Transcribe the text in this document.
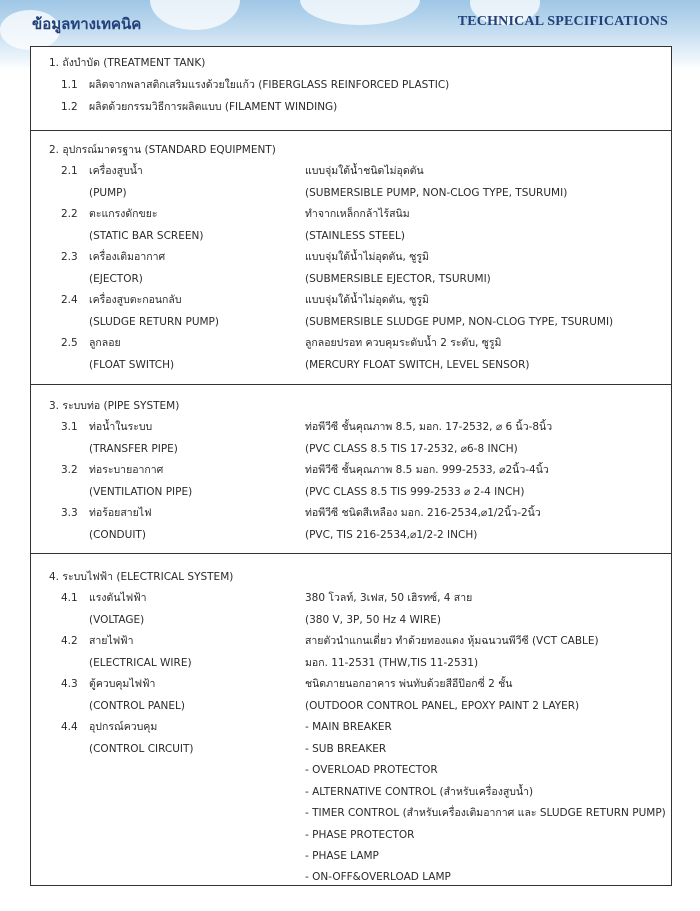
ข้อมูลทางเทคนิค	TECHNICAL SPECIFICATIONS
1. ถังบำบัด (TREATMENT TANK)
1.1 ผลิตจากพลาสติกเสริมแรงด้วยใยแก้ว (FIBERGLASS REINFORCED PLASTIC)
1.2 ผลิตด้วยกรรมวิธีการผลิตแบบ (FILAMENT WINDING)
2. อุปกรณ์มาตรฐาน (STANDARD EQUIPMENT)
2.1 เครื่องสูบน้ำ	แบบจุ่มใต้น้ำชนิดไม่อุดตัน
(PUMP)	(SUBMERSIBLE PUMP, NON-CLOG TYPE, TSURUMI)
2.2 ตะแกรงดักขยะ	ทำจากเหล็กกล้าไร้สนิม
(STATIC BAR SCREEN)	(STAINLESS STEEL)
2.3 เครื่องเติมอากาศ	แบบจุ่มใต้น้ำไม่อุดตัน, ซูรูมิ
(EJECTOR)	(SUBMERSIBLE EJECTOR, TSURUMI)
2.4 เครื่องสูบตะกอนกลับ	แบบจุ่มใต้น้ำไม่อุดตัน, ซูรูมิ
(SLUDGE RETURN PUMP)	(SUBMERSIBLE SLUDGE PUMP, NON-CLOG TYPE, TSURUMI)
2.5 ลูกลอย	ลูกลอยปรอท ควบคุมระดับน้ำ 2 ระดับ, ซูรูมิ
(FLOAT SWITCH)	(MERCURY FLOAT SWITCH, LEVEL SENSOR)
3. ระบบท่อ (PIPE SYSTEM)
3.1 ท่อน้ำในระบบ	ท่อพีวีซี ชั้นคุณภาพ 8.5, มอก. 17-2532, ⌀ 6 นิ้ว-8นิ้ว
(TRANSFER PIPE)	(PVC CLASS 8.5 TIS 17-2532, ⌀6-8 INCH)
3.2 ท่อระบายอากาศ	ท่อพีวีซี ชั้นคุณภาพ 8.5 มอก. 999-2533, ⌀2นิ้ว-4นิ้ว
(VENTILATION PIPE)	(PVC CLASS 8.5 TIS 999-2533 ⌀ 2-4 INCH)
3.3 ท่อร้อยสายไฟ	ท่อพีวีซี ชนิดสีเหลือง มอก. 216-2534,⌀1/2นิ้ว-2นิ้ว
(CONDUIT)	(PVC, TIS 216-2534,⌀1/2-2 INCH)
4. ระบบไฟฟ้า (ELECTRICAL SYSTEM)
4.1 แรงดันไฟฟ้า	380 โวลท์, 3เฟส, 50 เฮิรทซ์, 4 สาย
(VOLTAGE)	(380 V, 3P, 50 Hz 4 WIRE)
4.2 สายไฟฟ้า	สายตัวนำแกนเดี่ยว ทำด้วยทองแดง หุ้มฉนวนพีวีซี (VCT CABLE)
(ELECTRICAL WIRE)	มอก. 11-2531 (THW,TIS 11-2531)
4.3 ตู้ควบคุมไฟฟ้า	ชนิดภายนอกอาคาร พ่นทับด้วยสีอีป๊อกซี่ 2 ชั้น
(CONTROL PANEL)	(OUTDOOR CONTROL PANEL, EPOXY PAINT 2 LAYER)
4.4 อุปกรณ์ควบคุม	- MAIN BREAKER
(CONTROL CIRCUIT)	- SUB BREAKER
- OVERLOAD PROTECTOR
- ALTERNATIVE CONTROL (สำหรับเครื่องสูบน้ำ)
- TIMER CONTROL (สำหรับเครื่องเติมอากาศ และ SLUDGE RETURN PUMP)
- PHASE PROTECTOR
- PHASE LAMP
- ON-OFF&OVERLOAD LAMP
